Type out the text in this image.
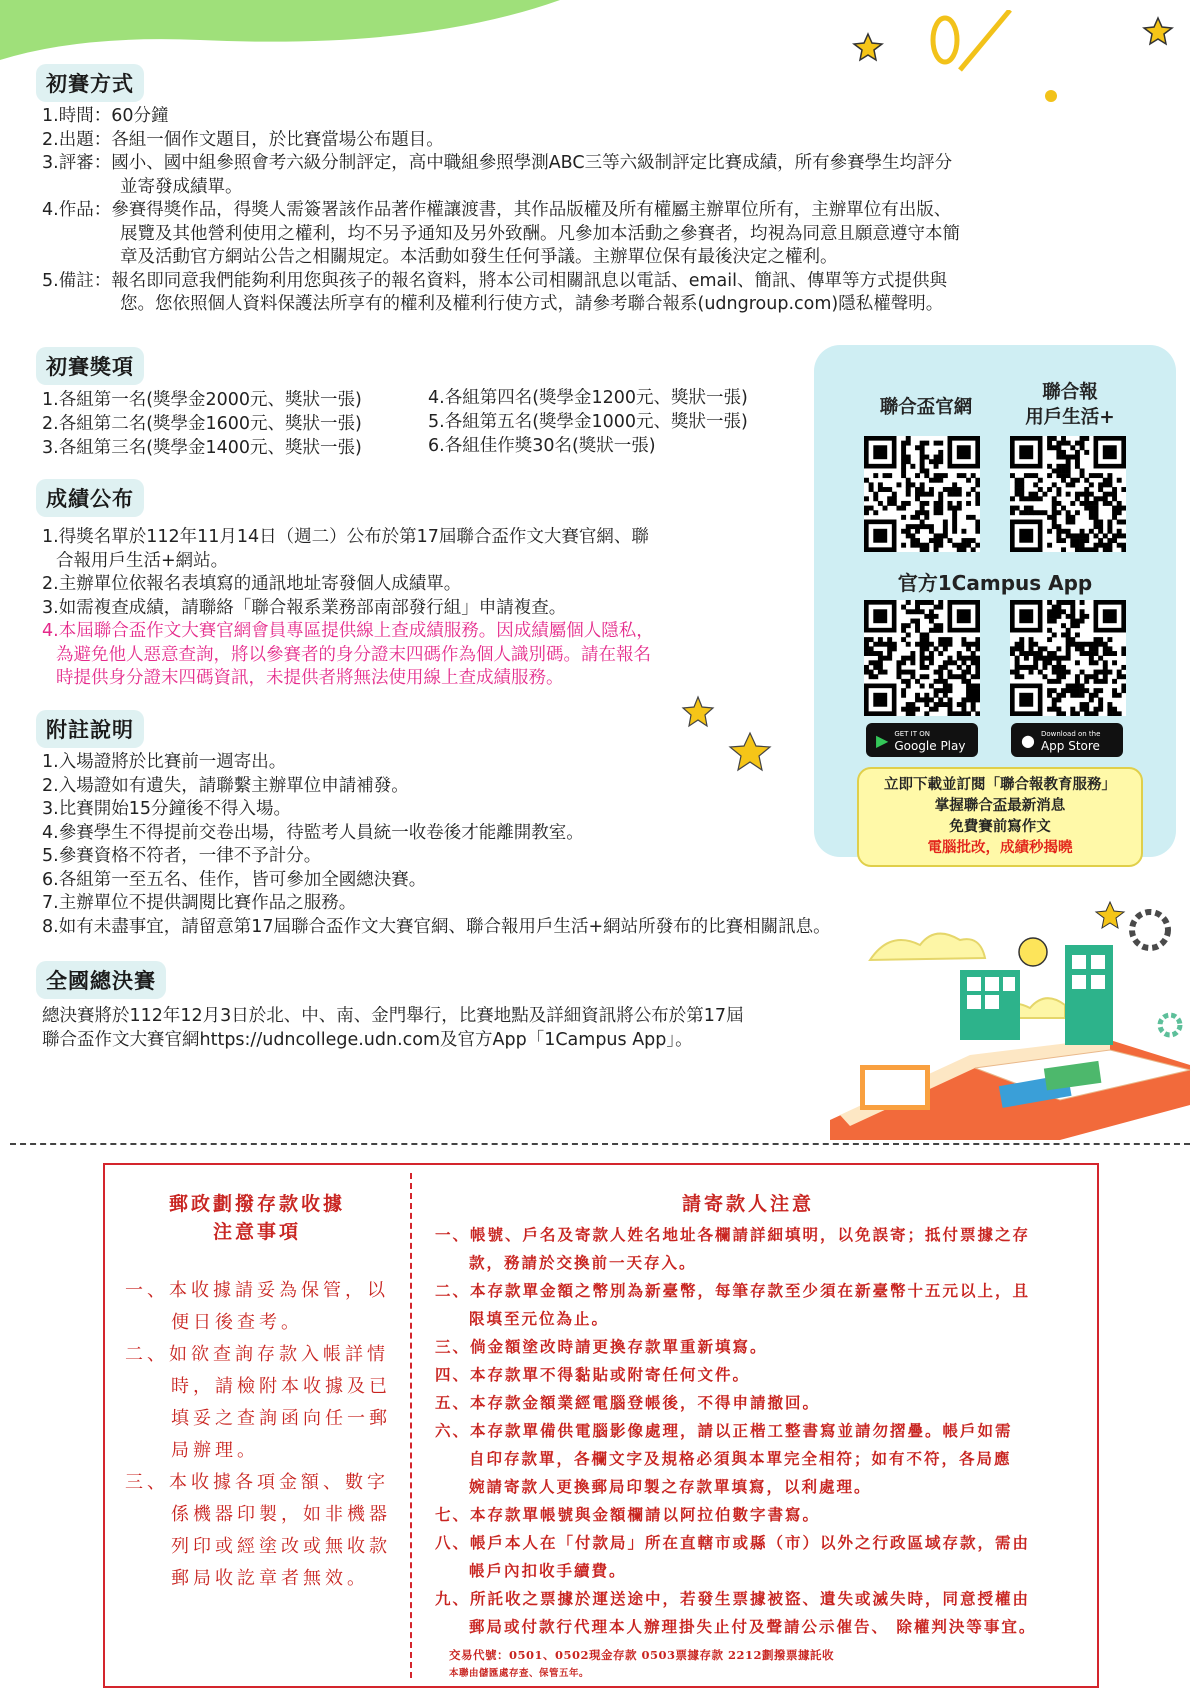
初賽方式
1.時間：60分鐘
2.出題：各組一個作文題目，於比賽當場公布題目。
3.評審：國小、國中組參照會考六級分制評定，高中職組參照學測ABC三等六級制評定比賽成績，所有參賽學生均評分
並寄發成績單。
4.作品：參賽得獎作品，得獎人需簽署該作品著作權讓渡書，其作品版權及所有權屬主辦單位所有，主辦單位有出版、
展覽及其他營利使用之權利，均不另予通知及另外致酬。凡參加本活動之參賽者，均視為同意且願意遵守本簡
章及活動官方網站公告之相關規定。本活動如發生任何爭議。主辦單位保有最後決定之權利。
5.備註：報名即同意我們能夠利用您與孩子的報名資料，將本公司相關訊息以電話、email、簡訊、傳單等方式提供與
您。您依照個人資料保護法所享有的權利及權利行使方式，請參考聯合報系(udngroup.com)隱私權聲明。
初賽獎項
1.各組第一名(獎學金2000元、獎狀一張)
2.各組第二名(獎學金1600元、獎狀一張)
3.各組第三名(獎學金1400元、獎狀一張)
4.各組第四名(獎學金1200元、獎狀一張)
5.各組第五名(獎學金1000元、獎狀一張)
6.各組佳作獎30名(獎狀一張)
成績公布
1.得獎名單於112年11月14日（週二）公布於第17屆聯合盃作文大賽官網、聯
合報用戶生活+網站。
2.主辦單位依報名表填寫的通訊地址寄發個人成績單。
3.如需複查成績，請聯絡「聯合報系業務部南部發行組」申請複查。
4.本屆聯合盃作文大賽官網會員專區提供線上查成績服務。因成績屬個人隱私，
為避免他人惡意查詢，將以參賽者的身分證末四碼作為個人識別碼。請在報名
時提供身分證末四碼資訊，未提供者將無法使用線上查成績服務。
附註說明
1.入場證將於比賽前一週寄出。
2.入場證如有遺失，請聯繫主辦單位申請補發。
3.比賽開始15分鐘後不得入場。
4.參賽學生不得提前交卷出場，待監考人員統一收卷後才能離開教室。
5.參賽資格不符者，一律不予計分。
6.各組第一至五名、佳作，皆可參加全國總決賽。
7.主辦單位不提供調閱比賽作品之服務。
8.如有未盡事宜，請留意第17屆聯合盃作文大賽官網、聯合報用戶生活+網站所發布的比賽相關訊息。
全國總決賽
總決賽將於112年12月3日於北、中、南、金門舉行，比賽地點及詳細資訊將公布於第17屆
聯合盃作文大賽官網https://udncollege.udn.com及官方App「1Campus App」。
聯合盃官網
聯合報
用戶生活+
官方1Campus App
▶ GET IT ON
Google Play	● Download on the
App Store
立即下載並訂閱「聯合報教育服務」
掌握聯合盃最新消息
免費賽前寫作文
電腦批改，成績秒揭曉
郵政劃撥存款收據
注意事項
一、本收據請妥為保管，以
便日後查考。
二、如欲查詢存款入帳詳情
時，請檢附本收據及已
填妥之查詢函向任一郵
局辦理。
三、本收據各項金額、數字
係機器印製，如非機器
列印或經塗改或無收款
郵局收訖章者無效。
請寄款人注意
一、帳號、戶名及寄款人姓名地址各欄請詳細填明，以免誤寄；抵付票據之存
款，務請於交換前一天存入。
二、本存款單金額之幣別為新臺幣，每筆存款至少須在新臺幣十五元以上，且
限填至元位為止。
三、倘金額塗改時請更換存款單重新填寫。
四、本存款單不得黏貼或附寄任何文件。
五、本存款金額業經電腦登帳後，不得申請撤回。
六、本存款單備供電腦影像處理，請以正楷工整書寫並請勿摺疊。帳戶如需
自印存款單，各欄文字及規格必須與本單完全相符；如有不符，各局應
婉請寄款人更換郵局印製之存款單填寫，以利處理。
七、本存款單帳號與金額欄請以阿拉伯數字書寫。
八、帳戶本人在「付款局」所在直轄市或縣（市）以外之行政區域存款，需由
帳戶內扣收手續費。
九、所託收之票據於運送途中，若發生票據被盜、遺失或滅失時，同意授權由
郵局或付款行代理本人辦理掛失止付及聲請公示催告、 除權判決等事宜。
交易代號：0501、0502現金存款 0503票據存款 2212劃撥票據託收
本聯由儲匯處存查、保管五年。
